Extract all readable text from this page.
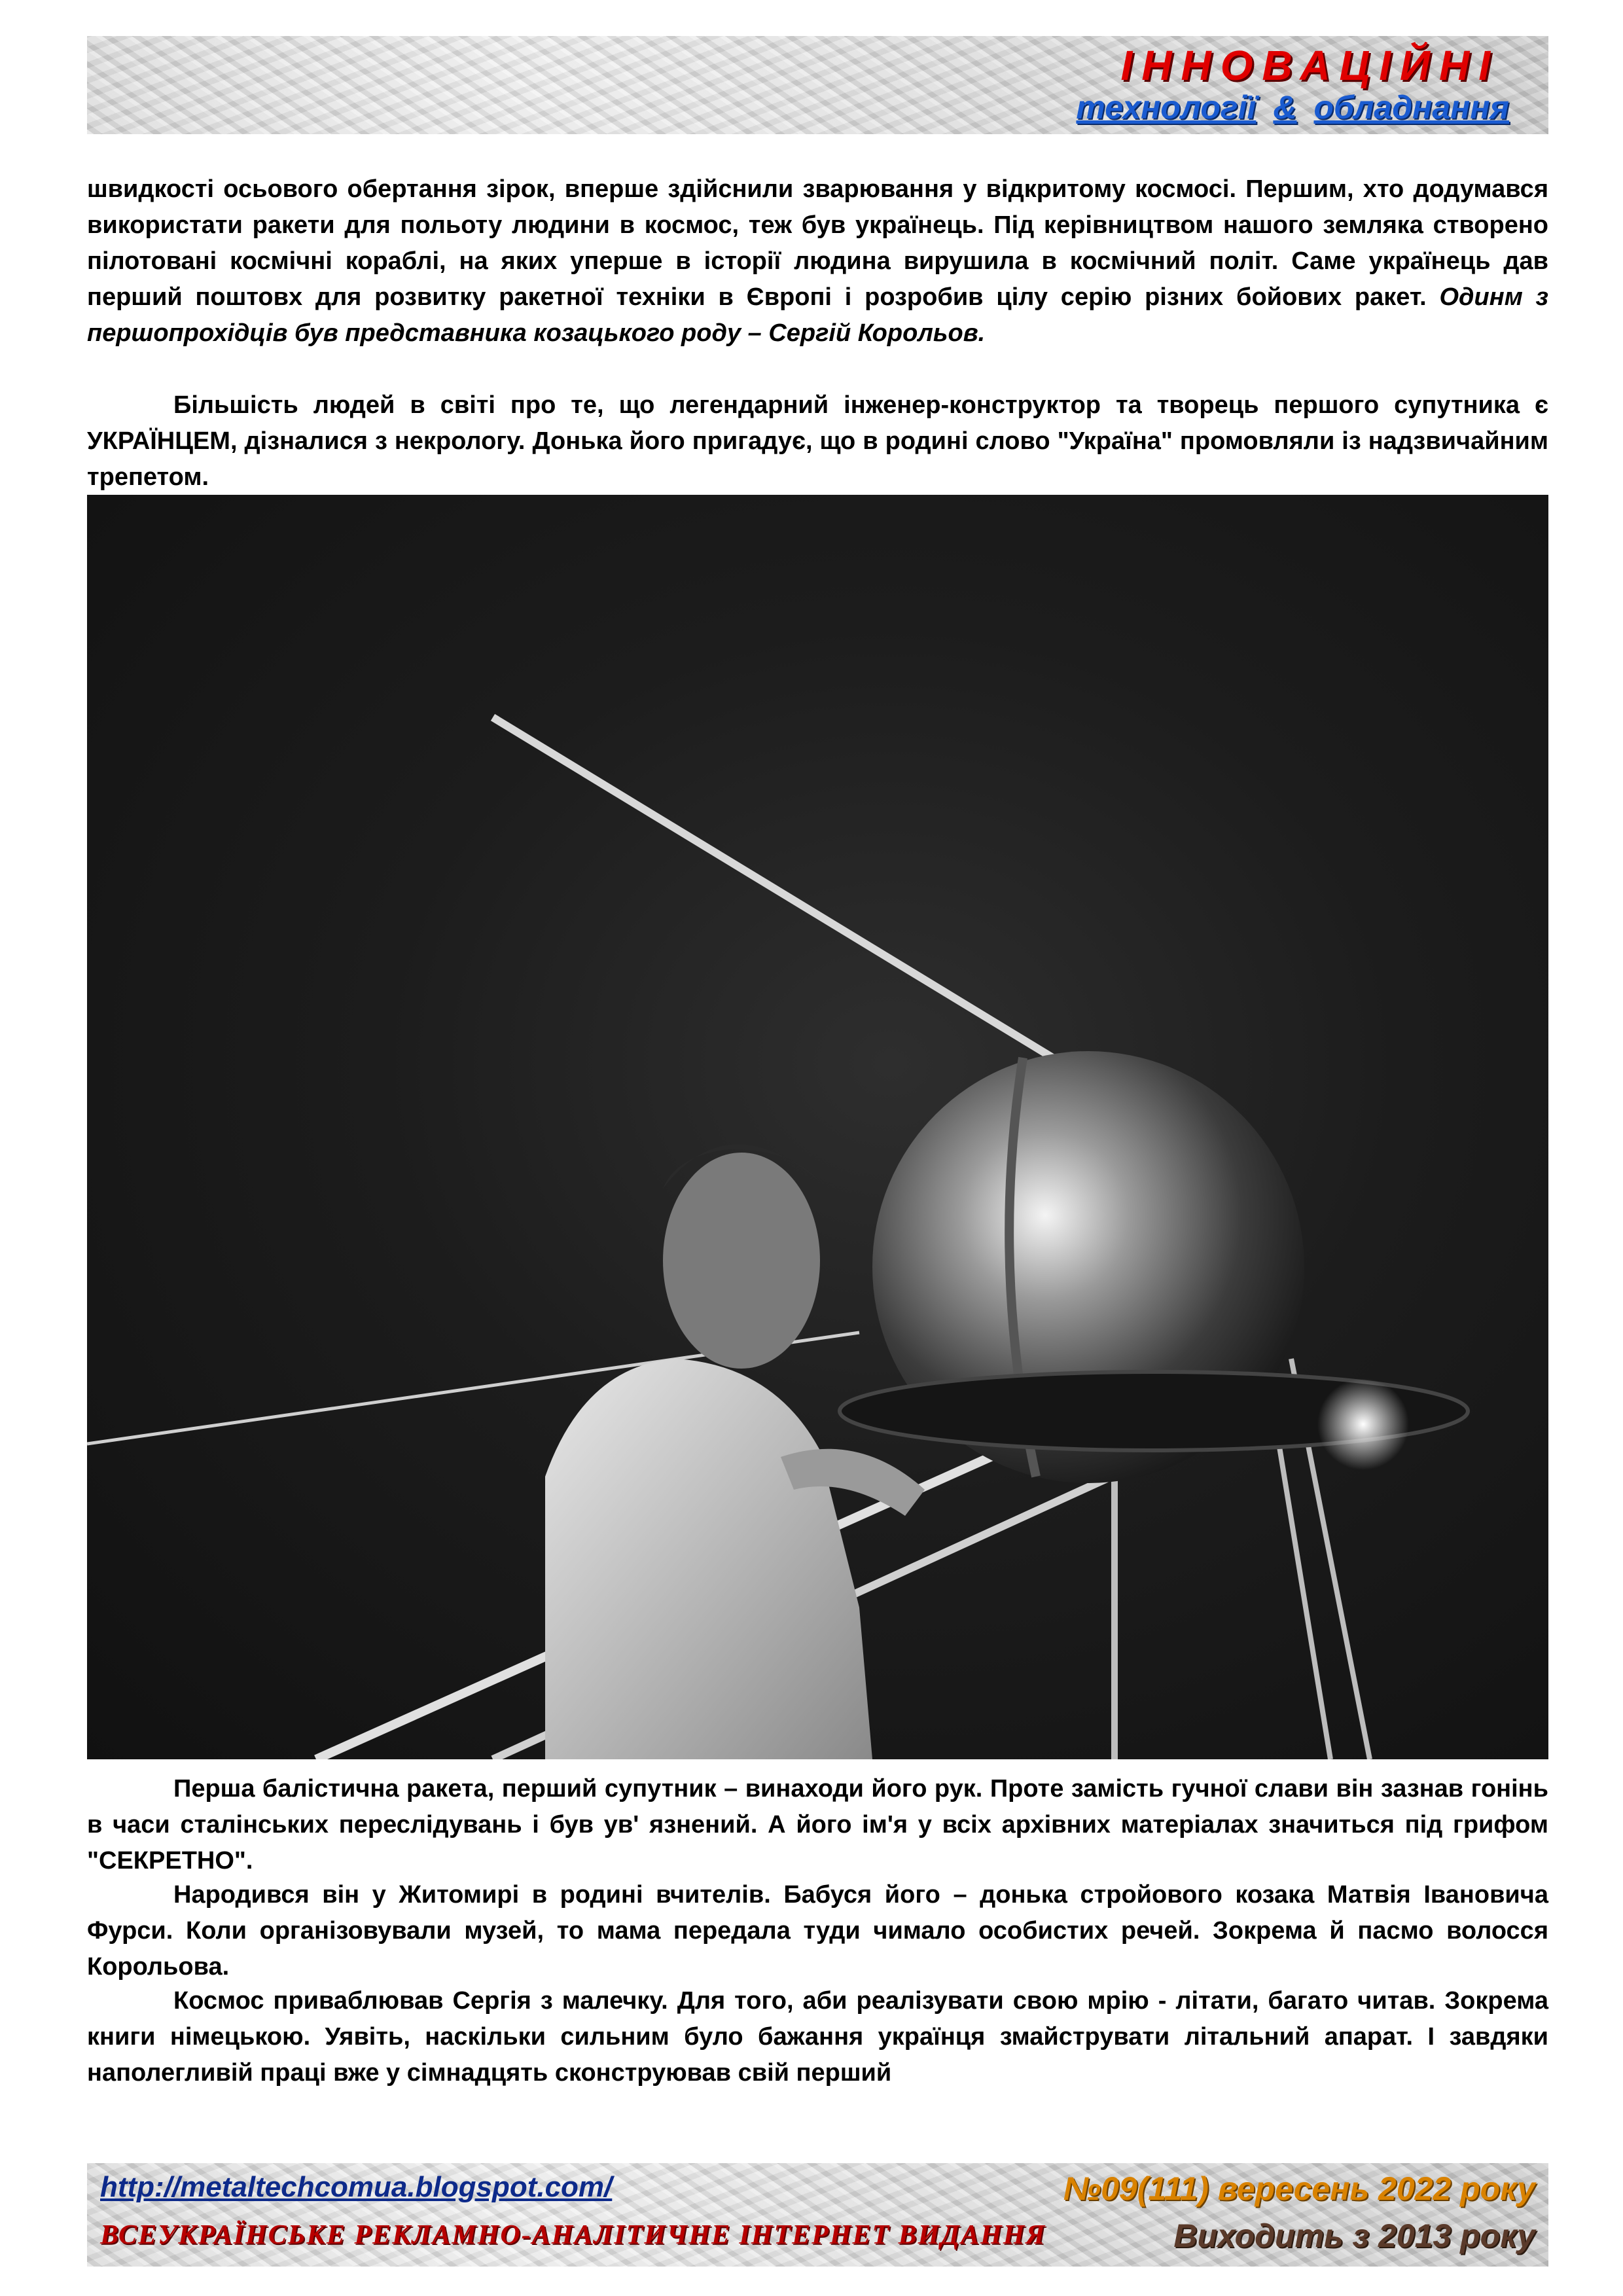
ІННОВАЦІЙНІ
технології & обладнання

швидкості осьового обертання зірок, вперше здійснили зварювання у відкритому космосі. Першим, хто додумався використати ракети для польоту людини в космос, теж був українець. Під керівництвом нашого земляка створено пілотовані космічні кораблі, на яких уперше в історії людина вирушила в космічний політ. Саме українець дав перший поштовх для розвитку ракетної техніки в Європі і розробив цілу серію різних бойових ракет. Одинм з першопрохідців був представника козацького роду – Сергій Корольов.

Більшість людей в світі про те, що легендарний інженер-конструктор та творець першого супутника є УКРАЇНЦЕМ, дізналися з некрологу. Донька його пригадує, що в родині слово "Україна" промовляли із надзвичайним трепетом.

Перша балістична ракета, перший супутник – винаходи його рук. Проте замість гучної слави він зазнав гонінь в часи сталінських переслідувань і був ув' язнений. А його ім'я у всіх архівних матеріалах значиться під грифом "СЕКРЕТНО".

Народився він у Житомирі в родині вчителів. Бабуся його – донька стройового козака Матвія Івановича Фурси. Коли організовували музей, то мама передала туди чимало особистих речей. Зокрема й пасмо волосся Корольова.

Космос приваблював Сергія з малечку. Для того, аби реалізувати свою мрію - літати, багато читав. Зокрема книги німецькою. Уявіть, наскільки сильним було бажання українця змайструвати літальний апарат. І завдяки наполегливій праці вже у сімнадцять сконструював свій перший

http://metaltechcomua.blogspot.com/
ВСЕУКРАЇНСЬКЕ РЕКЛАМНО-АНАЛІТИЧНЕ ІНТЕРНЕТ ВИДАННЯ
№09(111) вересень 2022 року
Виходить з 2013 року
